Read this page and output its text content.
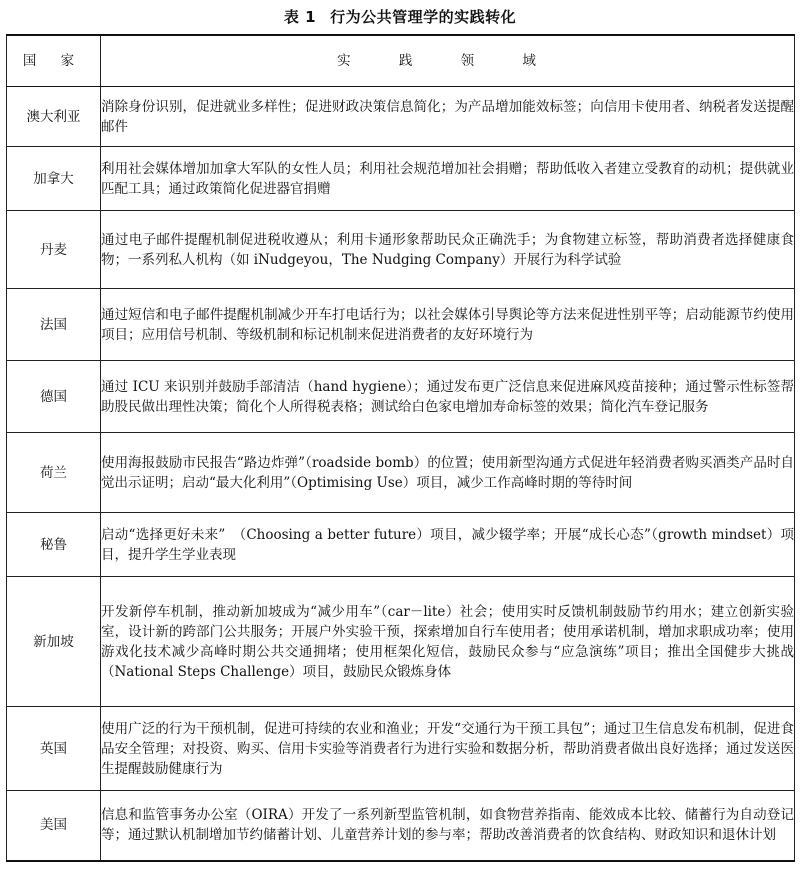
表 1 行为公共管理学的实践转化
国 家	实 践 领 域
澳大利亚	消除身份识别，促进就业多样性；促进财政决策信息简化；为产品增加能效标签；向信用卡使用者、纳税者发送提醒邮件
加拿大	利用社会媒体增加加拿大军队的女性人员；利用社会规范增加社会捐赠；帮助低收入者建立受教育的动机；提供就业匹配工具；通过政策简化促进器官捐赠
丹麦	通过电子邮件提醒机制促进税收遵从；利用卡通形象帮助民众正确洗手；为食物建立标签，帮助消费者选择健康食物；一系列私人机构（如 iNudgeyou，The Nudging Company）开展行为科学试验
法国	通过短信和电子邮件提醒机制减少开车打电话行为；以社会媒体引导舆论等方法来促进性别平等；启动能源节约使用项目；应用信号机制、等级机制和标记机制来促进消费者的友好环境行为
德国	通过 ICU 来识别并鼓励手部清洁（hand hygiene）；通过发布更广泛信息来促进麻风疫苗接种；通过警示性标签帮助股民做出理性决策；简化个人所得税表格；测试给白色家电增加寿命标签的效果；简化汽车登记服务
荷兰	使用海报鼓励市民报告“路边炸弹”（roadside bomb）的位置；使用新型沟通方式促进年轻消费者购买酒类产品时自觉出示证明；启动“最大化利用”（Optimising Use）项目，减少工作高峰时期的等待时间
秘鲁	启动“选择更好未来”　（Choosing a better future）项目，减少辍学率；开展“成长心态”（growth mindset）项目，提升学生学业表现
新加坡	开发新停车机制，推动新加坡成为“减少用车”（car－lite）社会；使用实时反馈机制鼓励节约用水；建立创新实验室，设计新的跨部门公共服务；开展户外实验干预，探索增加自行车使用者；使用承诺机制，增加求职成功率；使用游戏化技术减少高峰时期公共交通拥堵；使用框架化短信，鼓励民众参与“应急演练”项目；推出全国健步大挑战（National Steps Challenge）项目，鼓励民众锻炼身体
英国	使用广泛的行为干预机制，促进可持续的农业和渔业；开发“交通行为干预工具包”；通过卫生信息发布机制，促进食品安全管理；对投资、购买、信用卡实验等消费者行为进行实验和数据分析，帮助消费者做出良好选择；通过发送医生提醒鼓励健康行为
美国	信息和监管事务办公室（OIRA）开发了一系列新型监管机制，如食物营养指南、能效成本比较、储蓄行为自动登记等；通过默认机制增加节约储蓄计划、儿童营养计划的参与率；帮助改善消费者的饮食结构、财政知识和退休计划
